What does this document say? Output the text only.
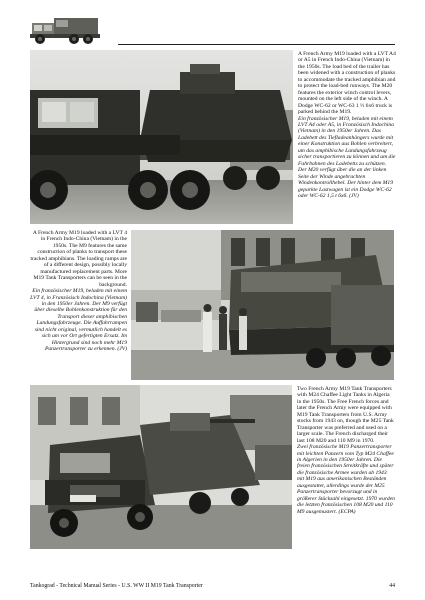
A French Army M19 loaded with a LVT A4 or A5 in French Indo-China (Vietnam) in the 1950s. The load bed of the trailer has been widened with a construction of planks to accommodate the tracked amphibian and to protect the load-bed runways. The M20 features the exterior winch control levers, mounted on the left side of the winch. A Dodge WC-62 or WC-63 1 ½ 6x6 truck is parked behind the M19.

Ein französischer M19, beladen mit einem LVT A4 oder A5, in Französisch Indochina (Vietnam) in den 1950er Jahren. Das Ladebett des Tiefladeanhängers wurde mit einer Konstruktion aus Bohlen verbreitert, um das amphibische Landungsfahrzeug sicher transportieren zu können und um die Fahrbahnen des Ladebetts zu schützen. Der M20 verfügt über die an der linken Seite der Winde angebrachten Windenkontrollhebel. Der hinter dem M19 geparkte Lastwagen ist ein Dodge WC-62 oder WC-62 1,5 t 6x6. (JV)

A French Army M19 loaded with a LVT 4 in French Indo-China (Vietnam) in the 1950s. The M9 features the same construction of planks to transport these tracked amphibians. The loading ramps are of a different design, possibly locally manufactured replacement parts. More M19 Tank Transporters can be seen in the background.

Ein französischer M19, beladen mit einem LVT 4, in Französisch Indochina (Vietnam) in den 1950er Jahren. Der M9 verfügt über dieselbe Bohlenkonstruktion für den Transport dieser amphibischen Landungsfahrzeuge. Die Auffahrrampen sind nicht original, vermutlich handelt es sich um vor Ort gefertigten Ersatz. Im Hintergrund sind noch mehr M19 Panzertransporter zu erkennen. (JV)

Two French Army M19 Tank Transporters with M24 Chaffee Light Tanks in Algeria in the 1950s. The Free French forces and later the French Army were equipped with M19 Tank Transporters from U.S. Army stocks from 1943 on, though the M25 Tank Transporter was preferred and used on a larger scale. The French discharged their last 108 M20 and 110 M9 in 1970.

Zwei französische M19 Panzertransporter mit leichten Panzern vom Typ M24 Chaffee in Algerien in den 1950er Jahren. Die freien französischen Streitkräfte und später die französische Armee wurden ab 1943 mit M19 aus amerikanischen Beständen ausgestattet, allerdings wurde der M25 Panzertransporter bevorzugt und in größerer Stückzahl eingesetzt. 1970 wurden die letzten französischen 108 M20 und 110 M9 ausgemustert. (ECPA)

Tankograd - Technical Manual Series - U.S. WW II M19 Tank Transporter	44
